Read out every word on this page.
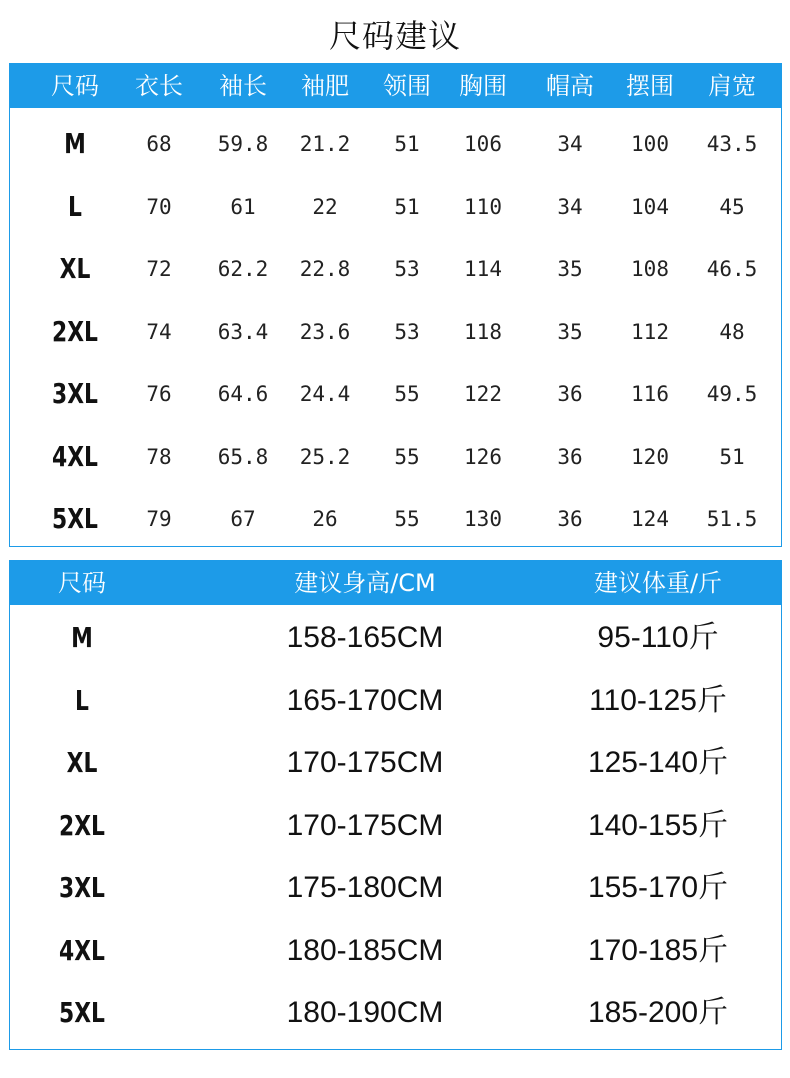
尺码建议
尺码	衣长	袖长	袖肥	领围	胸围	帽高	摆围	肩宽
M	68	59.8	21.2	51	106	34	100	43.5
L	70	61	22	51	110	34	104	45
XL	72	62.2	22.8	53	114	35	108	46.5
2XL	74	63.4	23.6	53	118	35	112	48
3XL	76	64.6	24.4	55	122	36	116	49.5
4XL	78	65.8	25.2	55	126	36	120	51
5XL	79	67	26	55	130	36	124	51.5
尺码	建议身高/CM	建议体重/斤
M	158-165CM	95-110斤
L	165-170CM	110-125斤
XL	170-175CM	125-140斤
2XL	170-175CM	140-155斤
3XL	175-180CM	155-170斤
4XL	180-185CM	170-185斤
5XL	180-190CM	185-200斤
